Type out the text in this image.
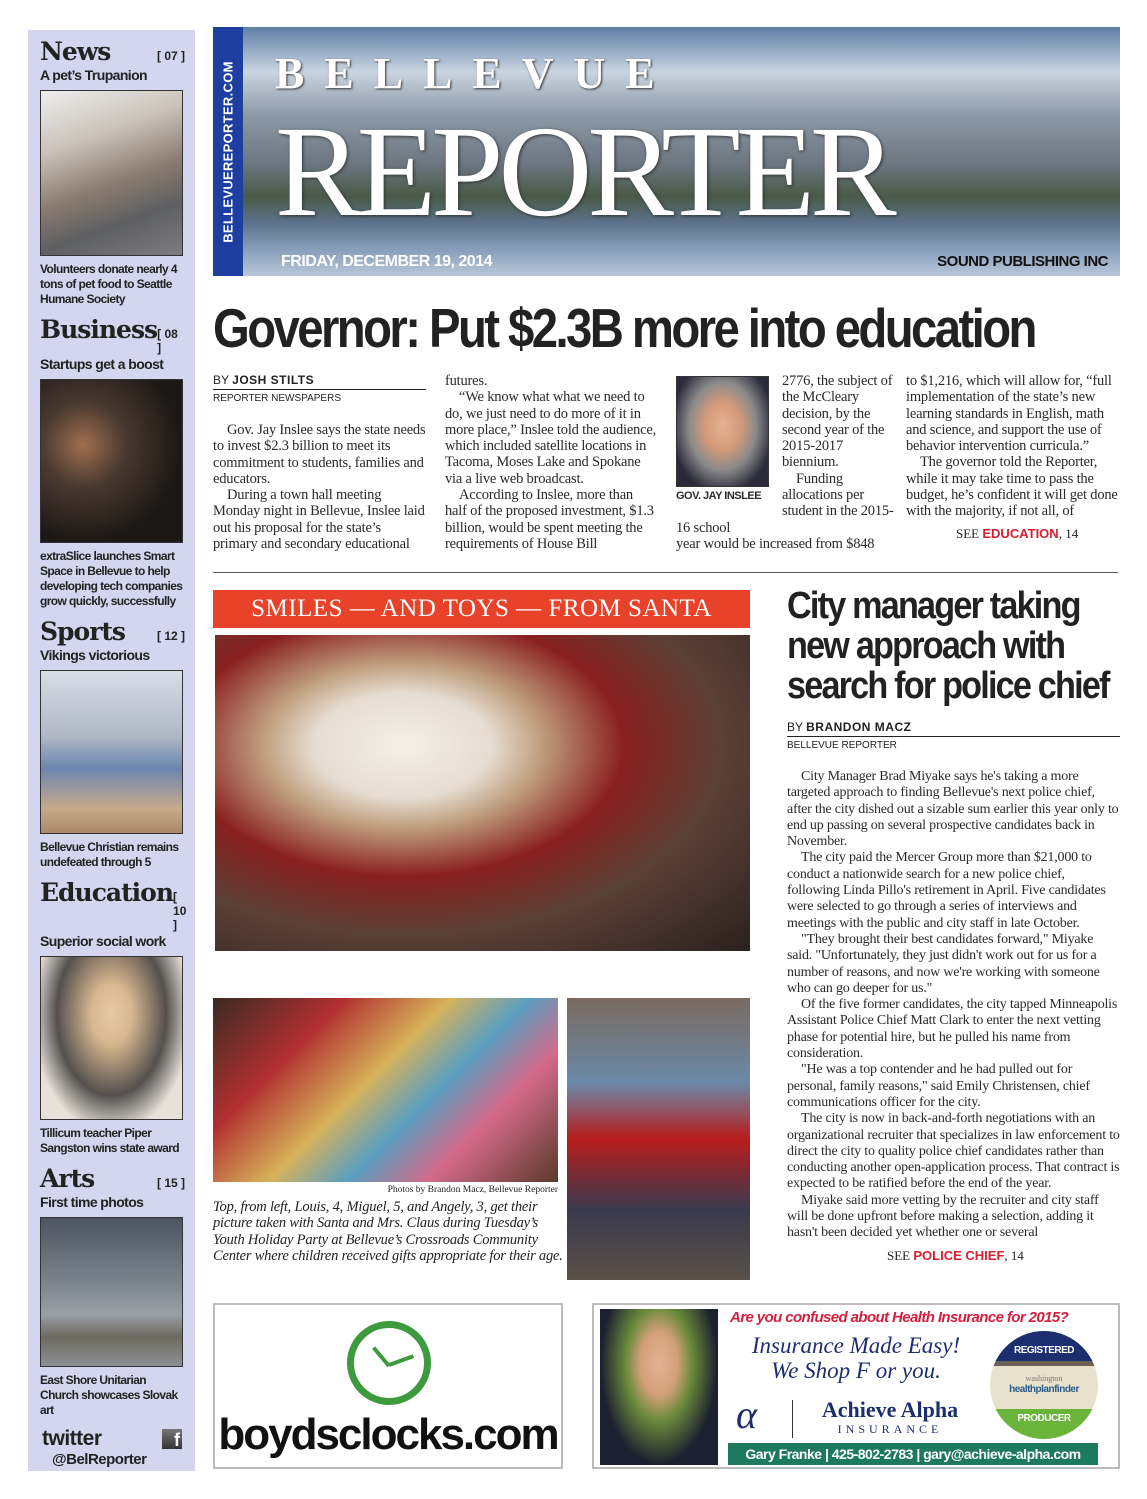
News	[ 07 ]
A pet’s Trupanion
Volunteers donate nearly 4 tons of pet food to Seattle Humane Society
Business [ 08 ]
Startups get a boost
extraSlice launches Smart Space in Bellevue to help developing tech companies grow quickly, successfully
Sports	[ 12 ]
Vikings victorious
Bellevue Christian remains undefeated through 5
Education [ 10 ]
Superior social work
Tillicum teacher Piper Sangston wins state award
Arts	[ 15 ]
First time photos
East Shore Unitarian Church showcases Slovak art
twitter	f
@BelReporter
BELLEVUEREPORTER.COM BELLEVUE
REPORTER
FRIDAY, DECEMBER 19, 2014	SOUND PUBLISHING INC
Governor: Put $2.3B more into education
BY JOSH STILTS
REPORTER NEWSPAPERS

Gov. Jay Inslee says the state needs to invest $2.3 billion to meet its commitment to students, families and educators.

During a town hall meeting Monday night in Bellevue, Inslee laid out his proposal for the state’s primary and secondary educational

futures.

“We know what what we need to do, we just need to do more of it in more place,” Inslee told the audience, which included satellite locations in Tacoma, Moses Lake and Spokane via a live web broadcast.

According to Inslee, more than half of the proposed investment, $1.3 billion, would be spent meeting the requirements of House Bill

GOV. JAY INSLEE

2776, the subject of the McCleary decision, by the second year of the 2015-2017 biennium.

Funding allocations per student in the 2015-16 school

year would be increased from $848

to $1,216, which will allow for, “full implementation of the state’s new learning standards in English, math and science, and support the use of behavior intervention curricula.”

The governor told the Reporter, while it may take time to pass the budget, he’s confident it will get done with the majority, if not all, of

SEE EDUCATION, 14
SMILES — AND TOYS — FROM SANTA
Photos by Brandon Macz, Bellevue Reporter
Top, from left, Louis, 4, Miguel, 5, and Angely, 3, get their picture taken with Santa and Mrs. Claus during Tuesday’s Youth Holiday Party at Bellevue’s Crossroads Community Center where children received gifts appropriate for their age.
City manager taking new approach with search for police chief
BY BRANDON MACZ
BELLEVUE REPORTER

City Manager Brad Miyake says he's taking a more targeted approach to finding Bellevue's next police chief, after the city dished out a sizable sum earlier this year only to end up passing on several prospective candidates back in November.

The city paid the Mercer Group more than $21,000 to conduct a nationwide search for a new police chief, following Linda Pillo's retirement in April. Five candidates were selected to go through a series of interviews and meetings with the public and city staff in late October.

"They brought their best candidates forward," Miyake said. "Unfortunately, they just didn't work out for us for a number of reasons, and now we're working with someone who can go deeper for us."

Of the five former candidates, the city tapped Minneapolis Assistant Police Chief Matt Clark to enter the next vetting phase for potential hire, but he pulled his name from consideration.

"He was a top contender and he had pulled out for personal, family reasons," said Emily Christensen, chief communications officer for the city.

The city is now in back-and-forth negotiations with an organizational recruiter that specializes in law enforcement to direct the city to quality police chief candidates rather than conducting another open-application process. That contract is expected to be ratified before the end of the year.

Miyake said more vetting by the recruiter and city staff will be done upfront before making a selection, adding it hasn't been decided yet whether one or several

SEE POLICE CHIEF, 14
boydsclocks.com
Are you confused about Health Insurance for 2015?
Insurance Made Easy!
We Shop F or you.
α	Achieve Alpha
INSURANCE
REGISTERED
washington
healthplanfinder
PRODUCER
Gary Franke | 425-802-2783 | gary@achieve-alpha.com
